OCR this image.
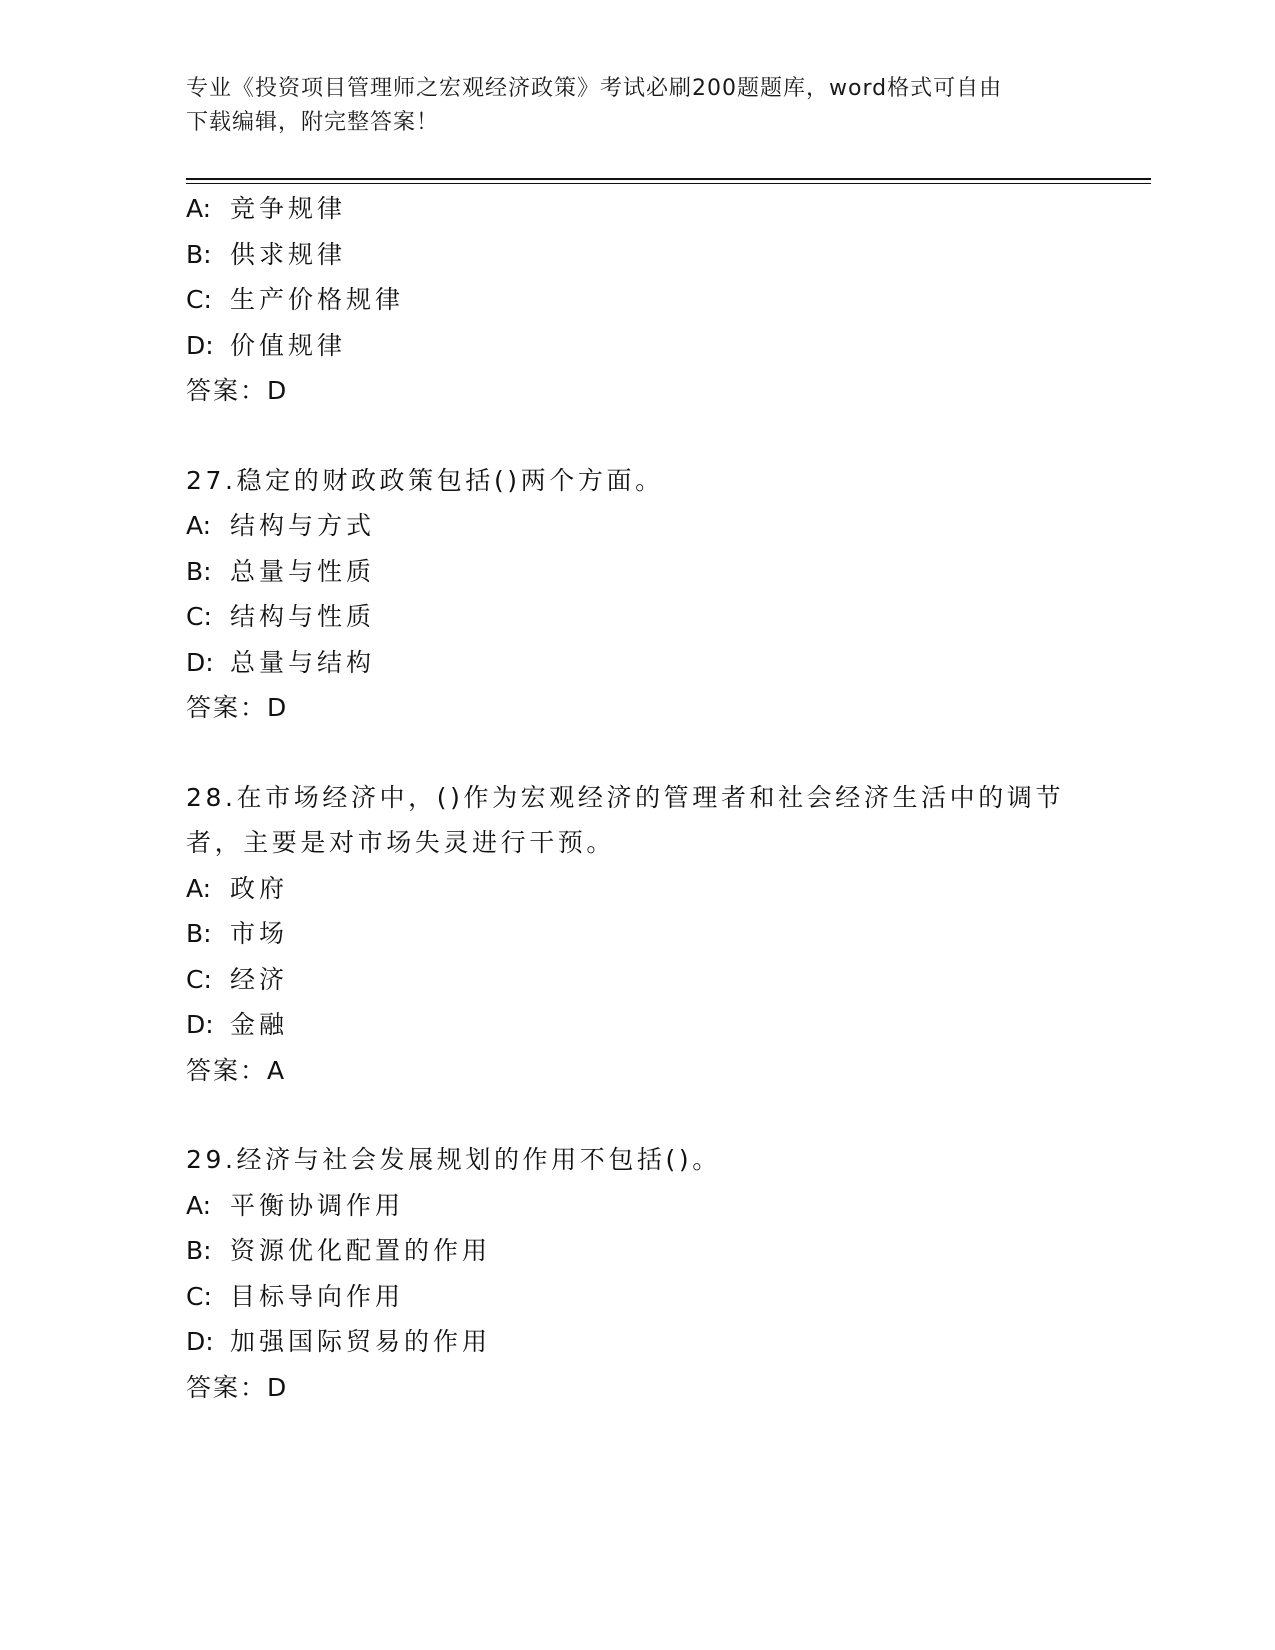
专业《投资项目管理师之宏观经济政策》考试必刷200题题库，word格式可自由
下载编辑，附完整答案！
A: 竞争规律
B: 供求规律
C: 生产价格规律
D: 价值规律
答案：D
27.稳定的财政政策包括()两个方面。
A: 结构与方式
B: 总量与性质
C: 结构与性质
D: 总量与结构
答案：D
28.在市场经济中，()作为宏观经济的管理者和社会经济生活中的调节
者，主要是对市场失灵进行干预。
A: 政府
B: 市场
C: 经济
D: 金融
答案：A
29.经济与社会发展规划的作用不包括()。
A: 平衡协调作用
B: 资源优化配置的作用
C: 目标导向作用
D: 加强国际贸易的作用
答案：D
